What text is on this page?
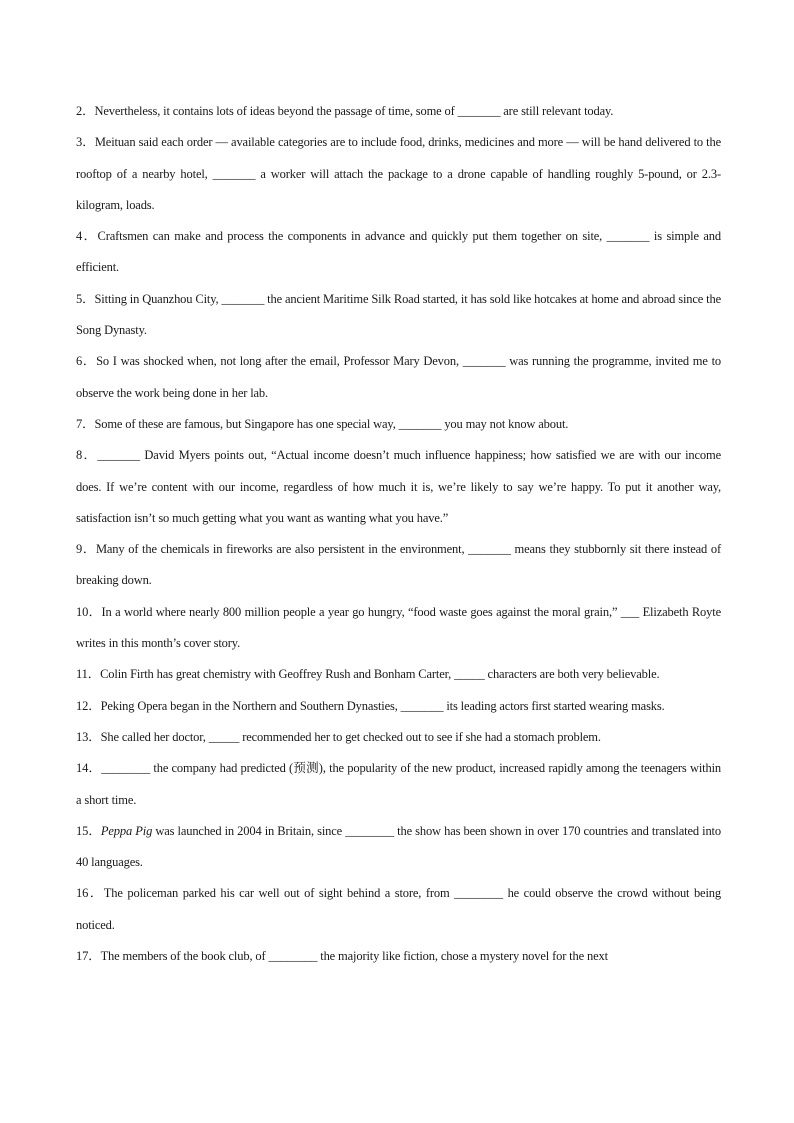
2．Nevertheless, it contains lots of ideas beyond the passage of time, some of _______ are still relevant today.

3．Meituan said each order — available categories are to include food, drinks, medicines and more — will be hand delivered to the rooftop of a nearby hotel, _______ a worker will attach the package to a drone capable of handling roughly 5-pound, or 2.3-kilogram, loads.

4．Craftsmen can make and process the components in advance and quickly put them together on site, _______ is simple and efficient.

5．Sitting in Quanzhou City, _______ the ancient Maritime Silk Road started, it has sold like hotcakes at home and abroad since the Song Dynasty.

6．So I was shocked when, not long after the email, Professor Mary Devon, _______ was running the programme, invited me to observe the work being done in her lab.

7．Some of these are famous, but Singapore has one special way, _______ you may not know about.

8．_______ David Myers points out, “Actual income doesn’t much influence happiness; how satisfied we are with our income does. If we’re content with our income, regardless of how much it is, we’re likely to say we’re happy. To put it another way, satisfaction isn’t so much getting what you want as wanting what you have.”

9．Many of the chemicals in fireworks are also persistent in the environment, _______ means they stubbornly sit there instead of breaking down.

10．In a world where nearly 800 million people a year go hungry, “food waste goes against the moral grain,” ___ Elizabeth Royte writes in this month’s cover story.

11．Colin Firth has great chemistry with Geoffrey Rush and Bonham Carter, _____ characters are both very believable.

12．Peking Opera began in the Northern and Southern Dynasties, _______ its leading actors first started wearing masks.

13．She called her doctor, _____ recommended her to get checked out to see if she had a stomach problem.

14．________ the company had predicted (预测), the popularity of the new product, increased rapidly among the teenagers within a short time.

15．Peppa Pig was launched in 2004 in Britain, since ________ the show has been shown in over 170 countries and translated into 40 languages.

16．The policeman parked his car well out of sight behind a store, from ________ he could observe the crowd without being noticed.

17．The members of the book club, of ________ the majority like fiction, chose a mystery novel for the next
